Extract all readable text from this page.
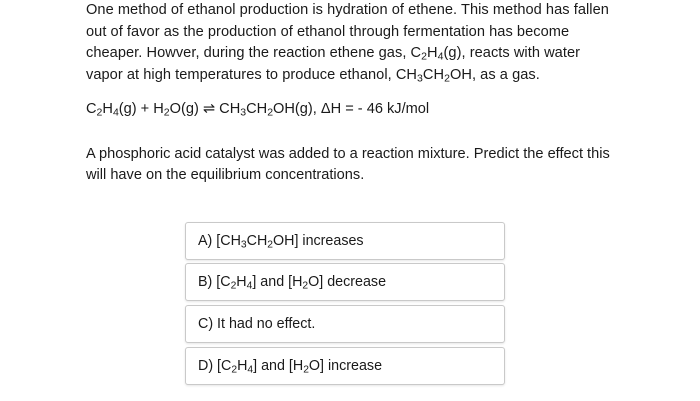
One method of ethanol production is hydration of ethene. This method has fallen
out of favor as the production of ethanol through fermentation has become
cheaper. Howver, during the reaction ethene gas, $C_2H_4(g)$, reacts with water
vapor at high temperatures to produce ethanol, $CH_3CH_2OH$, as a gas.
$C_2H_4(g) + H_2O(g)$ ⇌ $CH_3CH_2OH(g)$, ΔH = - 46 kJ/mol
A phosphoric acid catalyst was added to a reaction mixture. Predict the effect this
will have on the equilibrium concentrations.
A) $[CH_3CH_2OH]$ increases
B) $[C_2H_4]$ and $[H_2O]$ decrease
C) It had no effect.
D) $[C_2H_4]$ and $[H_2O]$ increase
